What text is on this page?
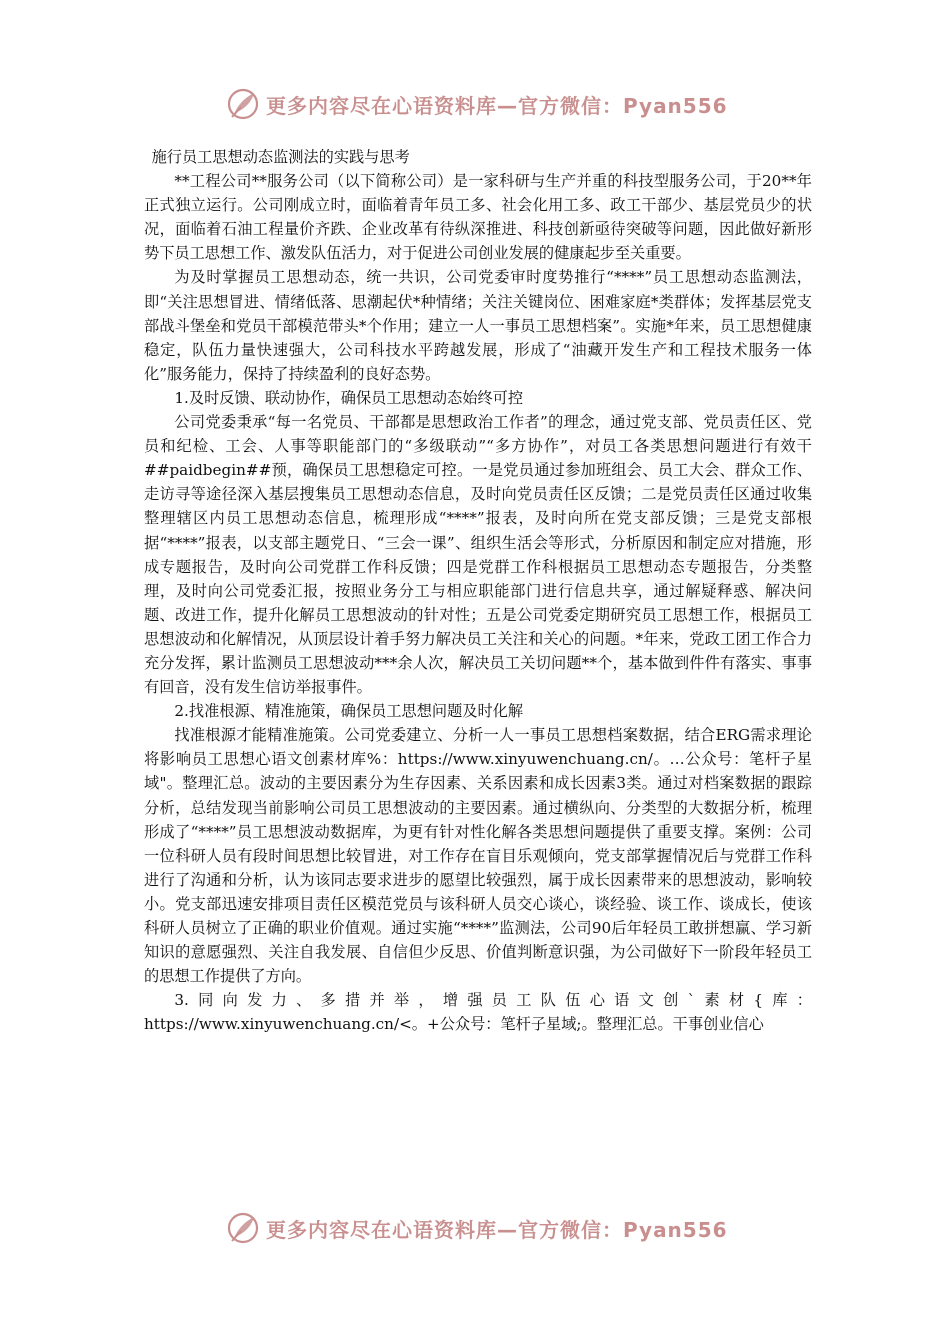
更多内容尽在心语资料库—官方微信：Pyan556

施行员工思想动态监测法的实践与思考

**工程公司**服务公司（以下简称公司）是一家科研与生产并重的科技型服务公司，于20**年正式独立运行。公司刚成立时，面临着青年员工多、社会化用工多、政工干部少、基层党员少的状况，面临着石油工程量价齐跌、企业改革有待纵深推进、科技创新亟待突破等问题，因此做好新形势下员工思想工作、激发队伍活力，对于促进公司创业发展的健康起步至关重要。

为及时掌握员工思想动态，统一共识，公司党委审时度势推行“****”员工思想动态监测法，即“关注思想冒进、情绪低落、思潮起伏*种情绪；关注关键岗位、困难家庭*类群体；发挥基层党支部战斗堡垒和党员干部模范带头*个作用；建立一人一事员工思想档案”。实施*年来，员工思想健康稳定，队伍力量快速强大，公司科技水平跨越发展，形成了“油藏开发生产和工程技术服务一体化”服务能力，保持了持续盈利的良好态势。

1.及时反馈、联动协作，确保员工思想动态始终可控

公司党委秉承“每一名党员、干部都是思想政治工作者”的理念，通过党支部、党员责任区、党员和纪检、工会、人事等职能部门的“多级联动”“多方协作”，对员工各类思想问题进行有效干##paidbegin##预，确保员工思想稳定可控。一是党员通过参加班组会、员工大会、群众工作、走访寻等途径深入基层搜集员工思想动态信息，及时向党员责任区反馈；二是党员责任区通过收集整理辖区内员工思想动态信息，梳理形成“****”报表，及时向所在党支部反馈；三是党支部根据“****”报表，以支部主题党日、“三会一课”、组织生活会等形式，分析原因和制定应对措施，形成专题报告，及时向公司党群工作科反馈；四是党群工作科根据员工思想动态专题报告，分类整理，及时向公司党委汇报，按照业务分工与相应职能部门进行信息共享，通过解疑释惑、解决问题、改进工作，提升化解员工思想波动的针对性；五是公司党委定期研究员工思想工作，根据员工思想波动和化解情况，从顶层设计着手努力解决员工关注和关心的问题。*年来，党政工团工作合力充分发挥，累计监测员工思想波动***余人次，解决员工关切问题**个，基本做到件件有落实、事事有回音，没有发生信访举报事件。

2.找准根源、精准施策，确保员工思想问题及时化解

找准根源才能精准施策。公司党委建立、分析一人一事员工思想档案数据，结合ERG需求理论将影响员工思想心语文创素材库%：https://www.xinyuwenchuang.cn/。…公众号：笔杆子星域"。整理汇总。波动的主要因素分为生存因素、关系因素和成长因素3类。通过对档案数据的跟踪分析，总结发现当前影响公司员工思想波动的主要因素。通过横纵向、分类型的大数据分析，梳理形成了“****”员工思想波动数据库，为更有针对性化解各类思想问题提供了重要支撑。案例：公司一位科研人员有段时间思想比较冒进，对工作存在盲目乐观倾向，党支部掌握情况后与党群工作科进行了沟通和分析，认为该同志要求进步的愿望比较强烈，属于成长因素带来的思想波动，影响较小。党支部迅速安排项目责任区模范党员与该科研人员交心谈心，谈经验、谈工作、谈成长，使该科研人员树立了正确的职业价值观。通过实施“****”监测法，公司90后年轻员工敢拼想赢、学习新知识的意愿强烈、关注自我发展、自信但少反思、价值判断意识强，为公司做好下一阶段年轻员工的思想工作提供了方向。

3.同向发力、多措并举，增强员工队伍心语文创`素材{库：https://www.xinyuwenchuang.cn/<。+公众号：笔杆子星域;。整理汇总。干事创业信心

更多内容尽在心语资料库—官方微信：Pyan556
